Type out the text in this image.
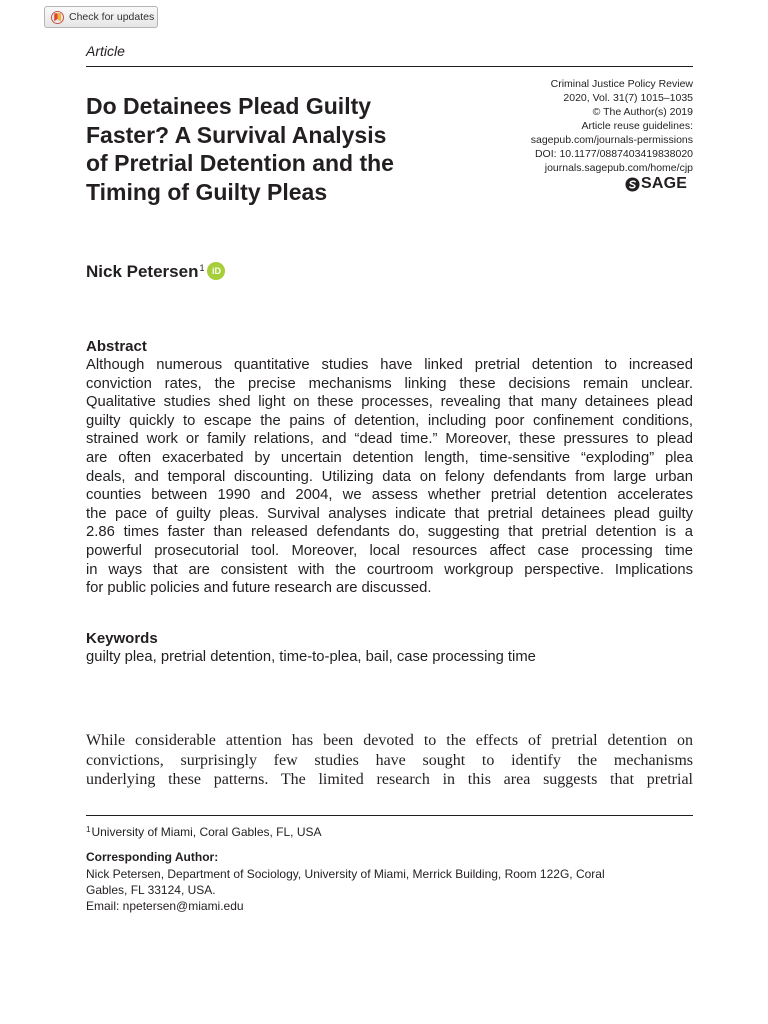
Check for updates
Article
Do Detainees Plead Guilty
Faster? A Survival Analysis
of Pretrial Detention and the
Timing of Guilty Pleas
Criminal Justice Policy Review
2020, Vol. 31(7) 1015–1035
© The Author(s) 2019
Article reuse guidelines:
sagepub.com/journals-permissions
DOI: 10.1177/0887403419838020
journals.sagepub.com/home/cjp
SAGE
Nick Petersen$^1$ iD
Abstract

Although numerous quantitative studies have linked pretrial detention to increased
conviction rates, the precise mechanisms linking these decisions remain unclear.
Qualitative studies shed light on these processes, revealing that many detainees plead
guilty quickly to escape the pains of detention, including poor confinement conditions,
strained work or family relations, and “dead time.” Moreover, these pressures to plead
are often exacerbated by uncertain detention length, time-sensitive “exploding” plea
deals, and temporal discounting. Utilizing data on felony defendants from large urban
counties between 1990 and 2004, we assess whether pretrial detention accelerates
the pace of guilty pleas. Survival analyses indicate that pretrial detainees plead guilty
2.86 times faster than released defendants do, suggesting that pretrial detention is a
powerful prosecutorial tool. Moreover, local resources affect case processing time
in ways that are consistent with the courtroom workgroup perspective. Implications
for public policies and future research are discussed.

Keywords
guilty plea, pretrial detention, time-to-plea, bail, case processing time

While considerable attention has been devoted to the effects of pretrial detention on
convictions, surprisingly few studies have sought to identify the mechanisms
underlying these patterns. The limited research in this area suggests that pretrial

1 University of Miami, Coral Gables, FL, USA
Corresponding Author:
Nick Petersen, Department of Sociology, University of Miami, Merrick Building, Room 122G, Coral
Gables, FL 33124, USA.
Email: npetersen@miami.edu
